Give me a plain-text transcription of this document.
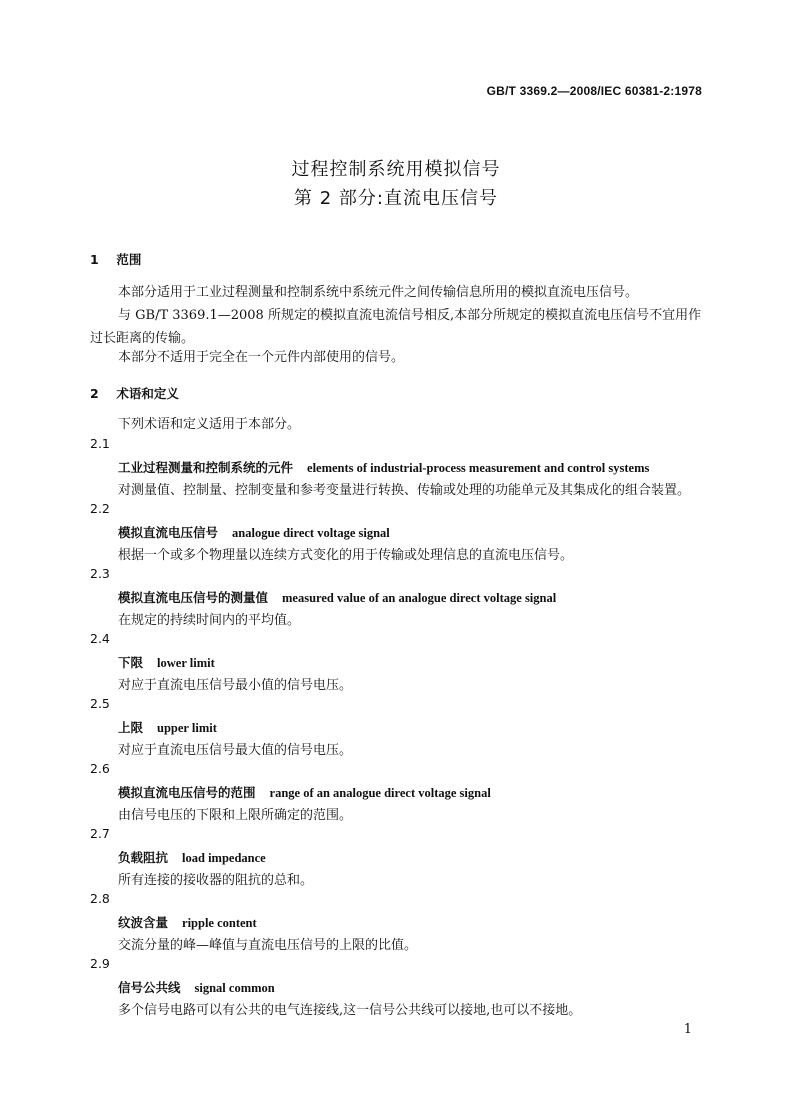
GB/T 3369.2—2008/IEC 60381-2:1978
过程控制系统用模拟信号
第 2 部分:直流电压信号
1 范围
本部分适用于工业过程测量和控制系统中系统元件之间传输信息所用的模拟直流电压信号。
与 GB/T 3369.1—2008 所规定的模拟直流电流信号相反,本部分所规定的模拟直流电压信号不宜用作过长距离的传输。
本部分不适用于完全在一个元件内部使用的信号。
2 术语和定义
下列术语和定义适用于本部分。
2.1
工业过程测量和控制系统的元件 elements of industrial-process measurement and control systems
对测量值、控制量、控制变量和参考变量进行转换、传输或处理的功能单元及其集成化的组合装置。
2.2
模拟直流电压信号 analogue direct voltage signal
根据一个或多个物理量以连续方式变化的用于传输或处理信息的直流电压信号。
2.3
模拟直流电压信号的测量值 measured value of an analogue direct voltage signal
在规定的持续时间内的平均值。
2.4
下限 lower limit
对应于直流电压信号最小值的信号电压。
2.5
上限 upper limit
对应于直流电压信号最大值的信号电压。
2.6
模拟直流电压信号的范围 range of an analogue direct voltage signal
由信号电压的下限和上限所确定的范围。
2.7
负载阻抗 load impedance
所有连接的接收器的阻抗的总和。
2.8
纹波含量 ripple content
交流分量的峰—峰值与直流电压信号的上限的比值。
2.9
信号公共线 signal common
多个信号电路可以有公共的电气连接线,这一信号公共线可以接地,也可以不接地。
1
